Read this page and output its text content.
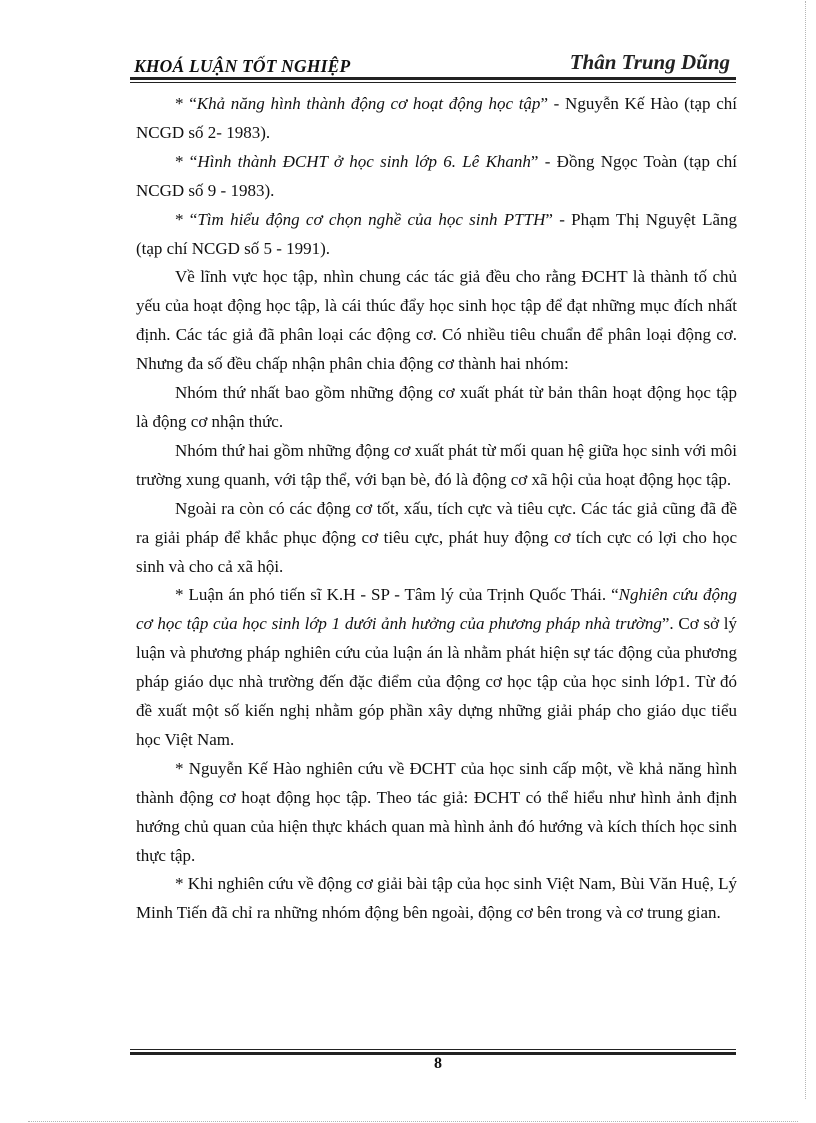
KHOÁ LUẬN TỐT NGHIỆP	Thân Trung Dũng

* “Khả năng hình thành động cơ hoạt động học tập” - Nguyễn Kế Hào (tạp chí NCGD số 2- 1983).

* “Hình thành ĐCHT ở học sinh lớp 6. Lê Khanh” - Đồng Ngọc Toàn (tạp chí NCGD số 9 - 1983).

* “Tìm hiểu động cơ chọn nghề của học sinh PTTH” - Phạm Thị Nguyệt Lãng (tạp chí NCGD số 5 - 1991).

Về lĩnh vực học tập, nhìn chung các tác giả đều cho rằng ĐCHT là thành tố chủ yếu của hoạt động học tập, là cái thúc đẩy học sinh học tập để đạt những mục đích nhất định. Các tác giả đã phân loại các động cơ. Có nhiều tiêu chuẩn để phân loại động cơ. Nhưng đa số đều chấp nhận phân chia động cơ thành hai nhóm:

Nhóm thứ nhất bao gồm những động cơ xuất phát từ bản thân hoạt động học tập là động cơ nhận thức.

Nhóm thứ hai gồm những động cơ xuất phát từ mối quan hệ giữa học sinh với môi trường xung quanh, với tập thể, với bạn bè, đó là động cơ xã hội của hoạt động học tập.

Ngoài ra còn có các động cơ tốt, xấu, tích cực và tiêu cực. Các tác giả cũng đã đề ra giải pháp để khắc phục động cơ tiêu cực, phát huy động cơ tích cực có lợi cho học sinh và cho cả xã hội.

* Luận án phó tiến sĩ K.H - SP - Tâm lý của Trịnh Quốc Thái. “Nghiên cứu động cơ học tập của học sinh lớp 1 dưới ảnh hưởng của phương pháp nhà trường”. Cơ sở lý luận và phương pháp nghiên cứu của luận án là nhằm phát hiện sự tác động của phương pháp giáo dục nhà trường đến đặc điểm của động cơ học tập của học sinh lớp1. Từ đó đề xuất một số kiến nghị nhằm góp phần xây dựng những giải pháp cho giáo dục tiểu học Việt Nam.

* Nguyễn Kế Hào nghiên cứu về ĐCHT của học sinh cấp một, về khả năng hình thành động cơ hoạt động học tập. Theo tác giả: ĐCHT có thể hiểu như hình ảnh định hướng chủ quan của hiện thực khách quan mà hình ảnh đó hướng và kích thích học sinh thực tập.

* Khi nghiên cứu về động cơ giải bài tập của học sinh Việt Nam, Bùi Văn Huệ, Lý Minh Tiến đã chỉ ra những nhóm động bên ngoài, động cơ bên trong và cơ trung gian.

8
